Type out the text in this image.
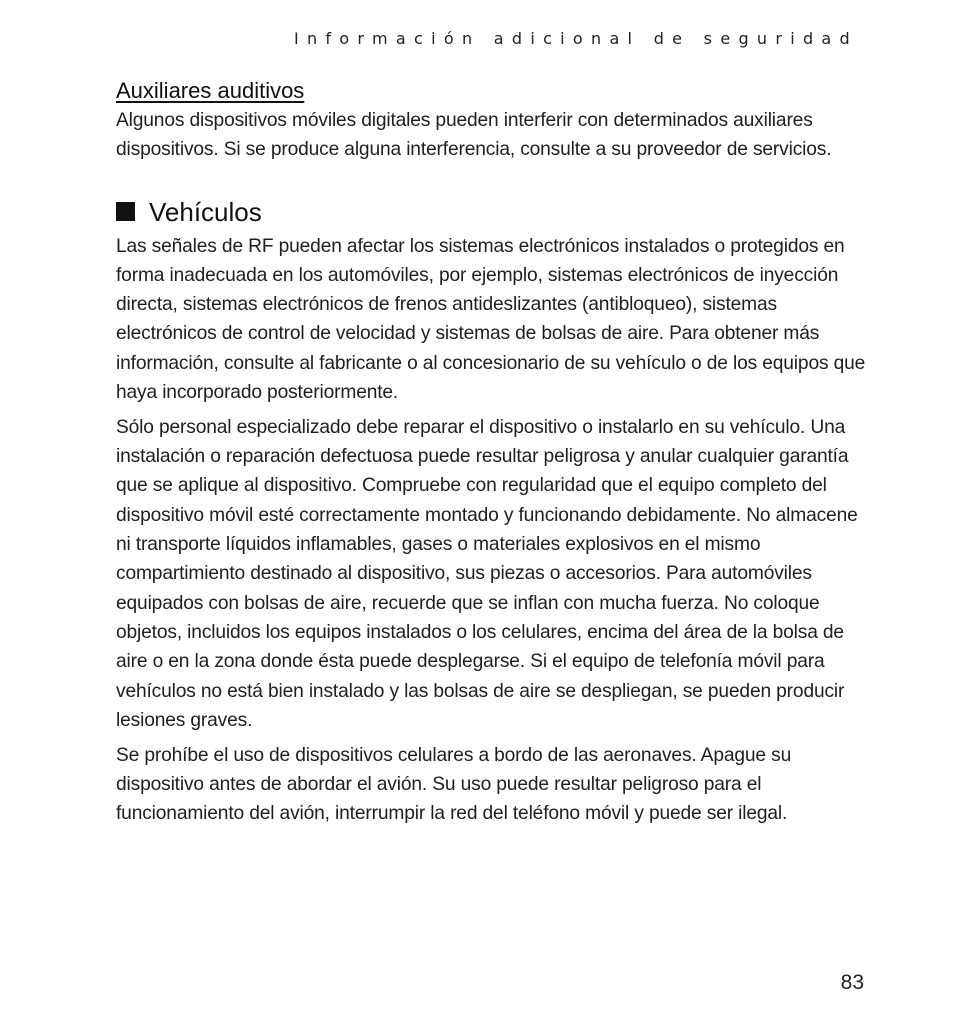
Información adicional de seguridad
Auxiliares auditivos

Algunos dispositivos móviles digitales pueden interferir con determinados auxiliares dispositivos. Si se produce alguna interferencia, consulte a su proveedor de servicios.

Vehículos

Las señales de RF pueden afectar los sistemas electrónicos instalados o protegidos en forma inadecuada en los automóviles, por ejemplo, sistemas electrónicos de inyección directa, sistemas electrónicos de frenos antideslizantes (antibloqueo), sistemas electrónicos de control de velocidad y sistemas de bolsas de aire. Para obtener más información, consulte al fabricante o al concesionario de su vehículo o de los equipos que haya incorporado posteriormente.

Sólo personal especializado debe reparar el dispositivo o instalarlo en su vehículo. Una instalación o reparación defectuosa puede resultar peligrosa y anular cualquier garantía que se aplique al dispositivo. Compruebe con regularidad que el equipo completo del dispositivo móvil esté correctamente montado y funcionando debidamente. No almacene ni transporte líquidos inflamables, gases o materiales explosivos en el mismo compartimiento destinado al dispositivo, sus piezas o accesorios. Para automóviles equipados con bolsas de aire, recuerde que se inflan con mucha fuerza. No coloque objetos, incluidos los equipos instalados o los celulares, encima del área de la bolsa de aire o en la zona donde ésta puede desplegarse. Si el equipo de telefonía móvil para vehículos no está bien instalado y las bolsas de aire se despliegan, se pueden producir lesiones graves.

Se prohíbe el uso de dispositivos celulares a bordo de las aeronaves. Apague su dispositivo antes de abordar el avión. Su uso puede resultar peligroso para el funcionamiento del avión, interrumpir la red del teléfono móvil y puede ser ilegal.

83
